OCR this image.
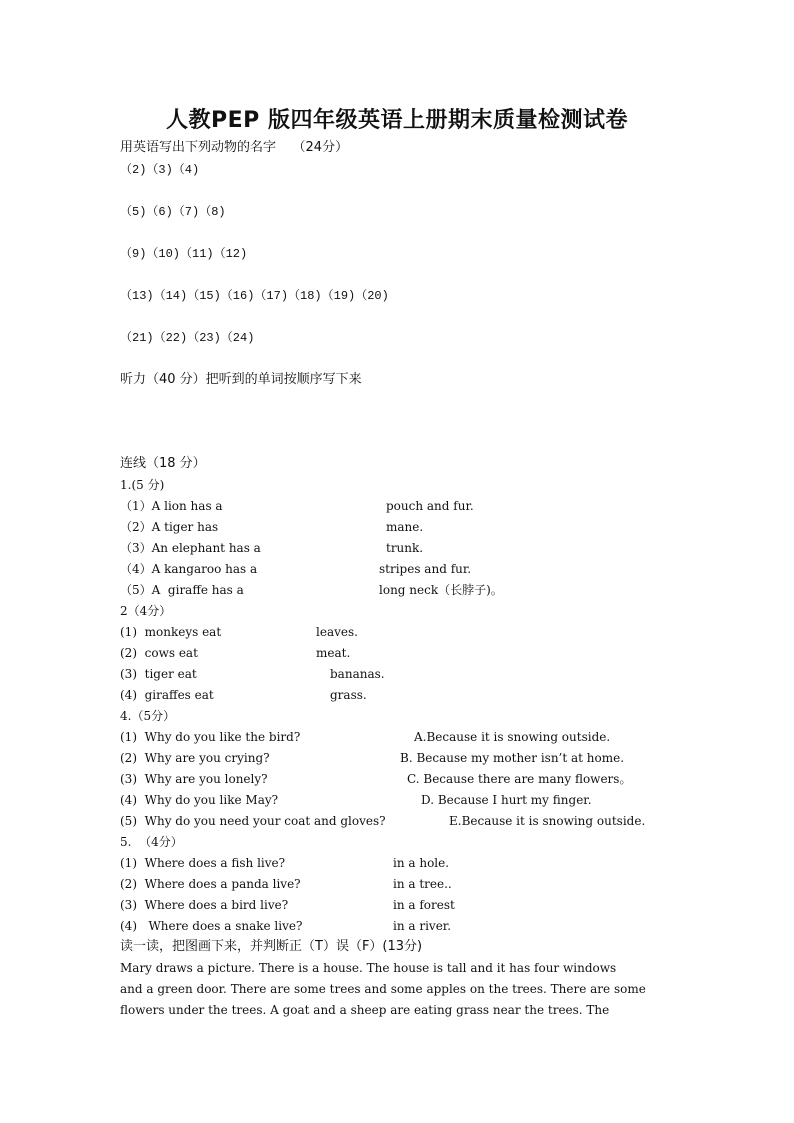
人教PEP 版四年级英语上册期末质量检测试卷
用英语写出下列动物的名字    （24分）
（2)（3)（4)
（5)（6)（7)（8)
（9)（10)（11)（12)
（13)（14)（15)（16)（17)（18)（19)（20)
（21)（22)（23)（24)
听力（40 分）把听到的单词按顺序写下来
连线（18 分）
1.(5 分)
（1）A lion has a
（2）A tiger has
（3）An elephant has a
（4）A kangaroo has a
（5）A  giraffe has a
pouch and fur.
mane.
trunk.
stripes and fur.
long neck（长脖子)。
2（4分）
(1)  monkeys eat
(2)  cows eat
(3)  tiger eat
(4)  giraffes eat
leaves.
meat.
bananas.
grass.
4.（5分）
(1)  Why do you like the bird?
(2)  Why are you crying?
(3)  Why are you lonely?
(4)  Why do you like May?
(5)  Why do you need your coat and gloves?
A.Because it is snowing outside.
B. Because my mother isn’t at home.
C. Because there are many flowers。
D. Because I hurt my finger.
E.Because it is snowing outside.
5.  （4分）
(1)  Where does a fish live?
(2)  Where does a panda live?
(3)  Where does a bird live?
(4)   Where does a snake live?
in a hole.
in a tree..
in a forest
in a river.
读一读，把图画下来，并判断正（T）误（F）(13分)
Mary draws a picture. There is a house. The house is tall and it has four windows
and a green door. There are some trees and some apples on the trees. There are some
flowers under the trees. A goat and a sheep are eating grass near the trees. The
